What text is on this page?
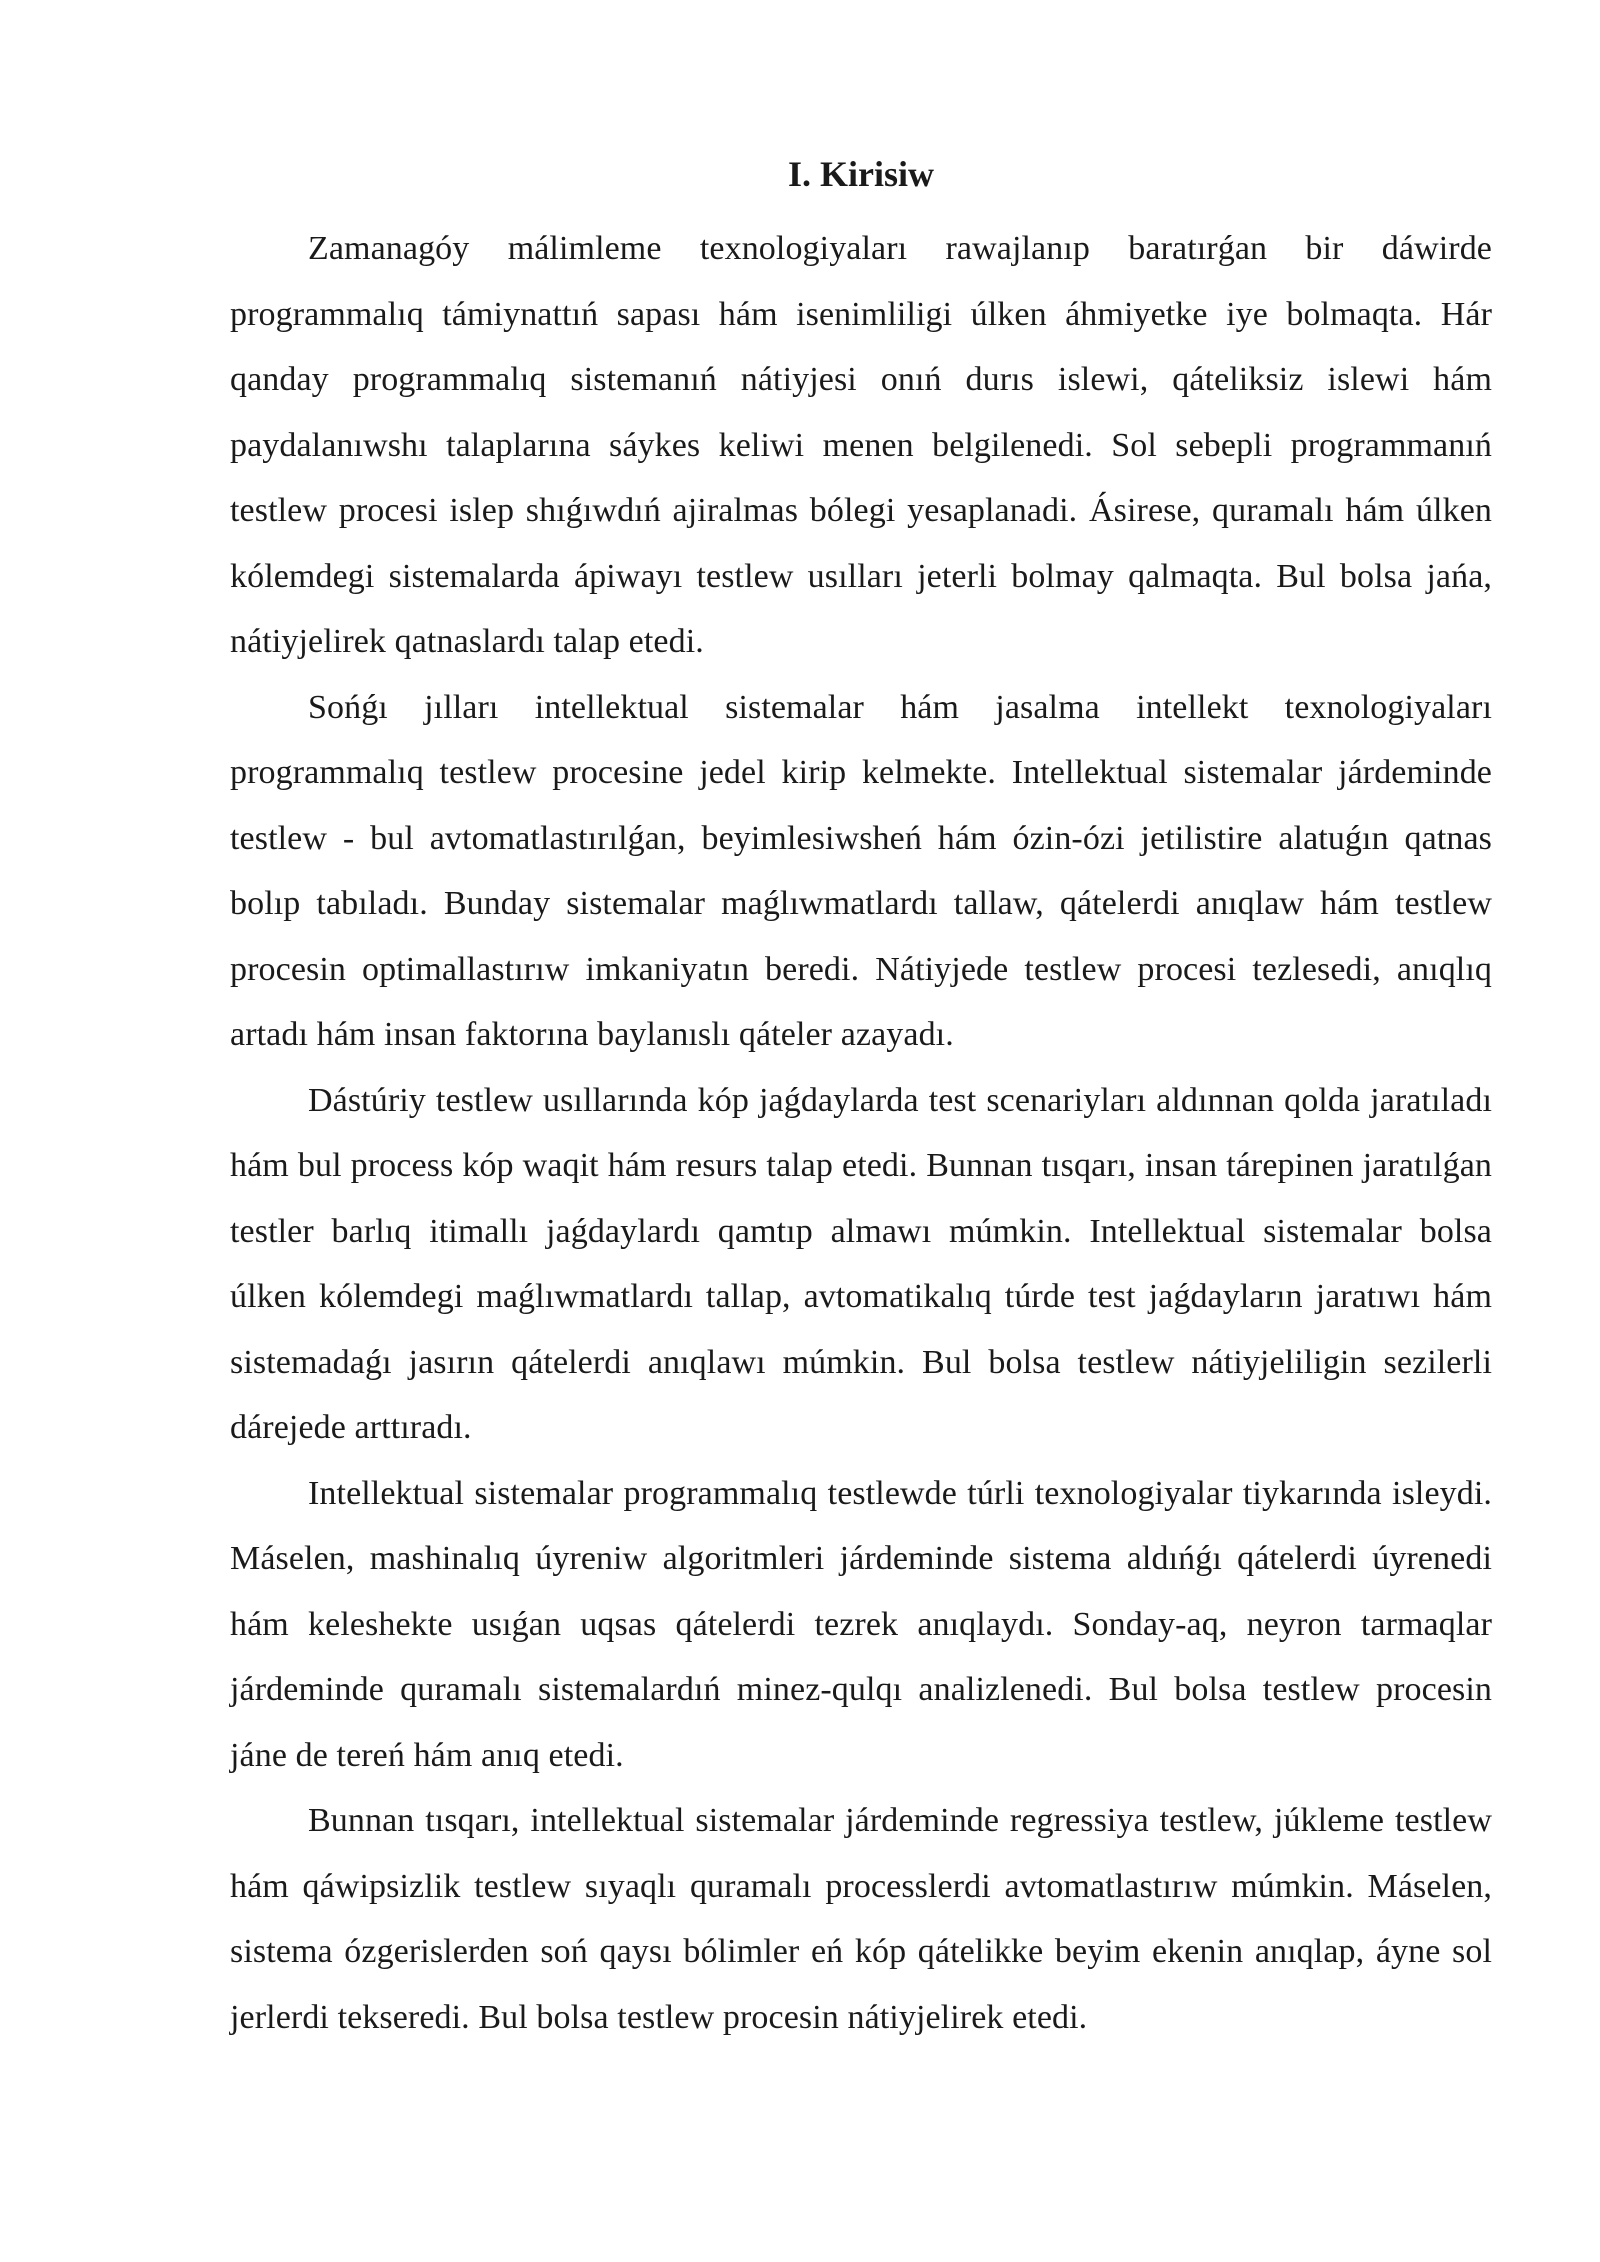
I. Kirisiw

Zamanagóy málimleme texnologiyaları rawajlanıp baratırǵan bir dáwirde programmalıq támiynattıń sapası hám isenimliligi úlken áhmiyetke iye bolmaqta. Hár qanday programmalıq sistemanıń nátiyjesi onıń durıs islewi, qáteliksiz islewi hám paydalanıwshı talaplarına sáykes keliwi menen belgilenedi. Sol sebepli programmanıń testlew procesi islep shıǵıwdıń ajiralmas bólegi yesaplanadi. Ásirese, quramalı hám úlken kólemdegi sistemalarda ápiwayı testlew usılları jeterli bolmay qalmaqta. Bul bolsa jańa, nátiyjelirek qatnaslardı talap etedi.

Sońǵı jılları intellektual sistemalar hám jasalma intellekt texnologiyaları programmalıq testlew procesine jedel kirip kelmekte. Intellektual sistemalar járdeminde testlew - bul avtomatlastırılǵan, beyimlesiwsheń hám ózin-ózi jetilistire alatuǵın qatnas bolıp tabıladı. Bunday sistemalar maǵlıwmatlardı tallaw, qátelerdi anıqlaw hám testlew procesin optimallastırıw imkaniyatın beredi. Nátiyjede testlew procesi tezlesedi, anıqlıq artadı hám insan faktorına baylanıslı qáteler azayadı.

Dástúriy testlew usıllarında kóp jaǵdaylarda test scenariyları aldınnan qolda jaratıladı hám bul process kóp waqit hám resurs talap etedi. Bunnan tısqarı, insan tárepinen jaratılǵan testler barlıq itimallı jaǵdaylardı qamtıp almawı múmkin. Intellektual sistemalar bolsa úlken kólemdegi maǵlıwmatlardı tallap, avtomatikalıq túrde test jaǵdayların jaratıwı hám sistemadaǵı jasırın qátelerdi anıqlawı múmkin. Bul bolsa testlew nátiyjeliligin sezilerli dárejede arttıradı.

Intellektual sistemalar programmalıq testlewde túrli texnologiyalar tiykarında isleydi. Máselen, mashinalıq úyreniw algoritmleri járdeminde sistema aldıńǵı qátelerdi úyrenedi hám keleshekte usıǵan uqsas qátelerdi tezrek anıqlaydı. Sonday-aq, neyron tarmaqlar járdeminde quramalı sistemalardıń minez-qulqı analizlenedi. Bul bolsa testlew procesin jáne de tereń hám anıq etedi.

Bunnan tısqarı, intellektual sistemalar járdeminde regressiya testlew, júkleme testlew hám qáwipsizlik testlew sıyaqlı quramalı processlerdi avtomatlastırıw múmkin. Máselen, sistema ózgerislerden soń qaysı bólimler eń kóp qátelikke beyim ekenin anıqlap, áyne sol jerlerdi tekseredi. Bul bolsa testlew procesin nátiyjelirek etedi.
